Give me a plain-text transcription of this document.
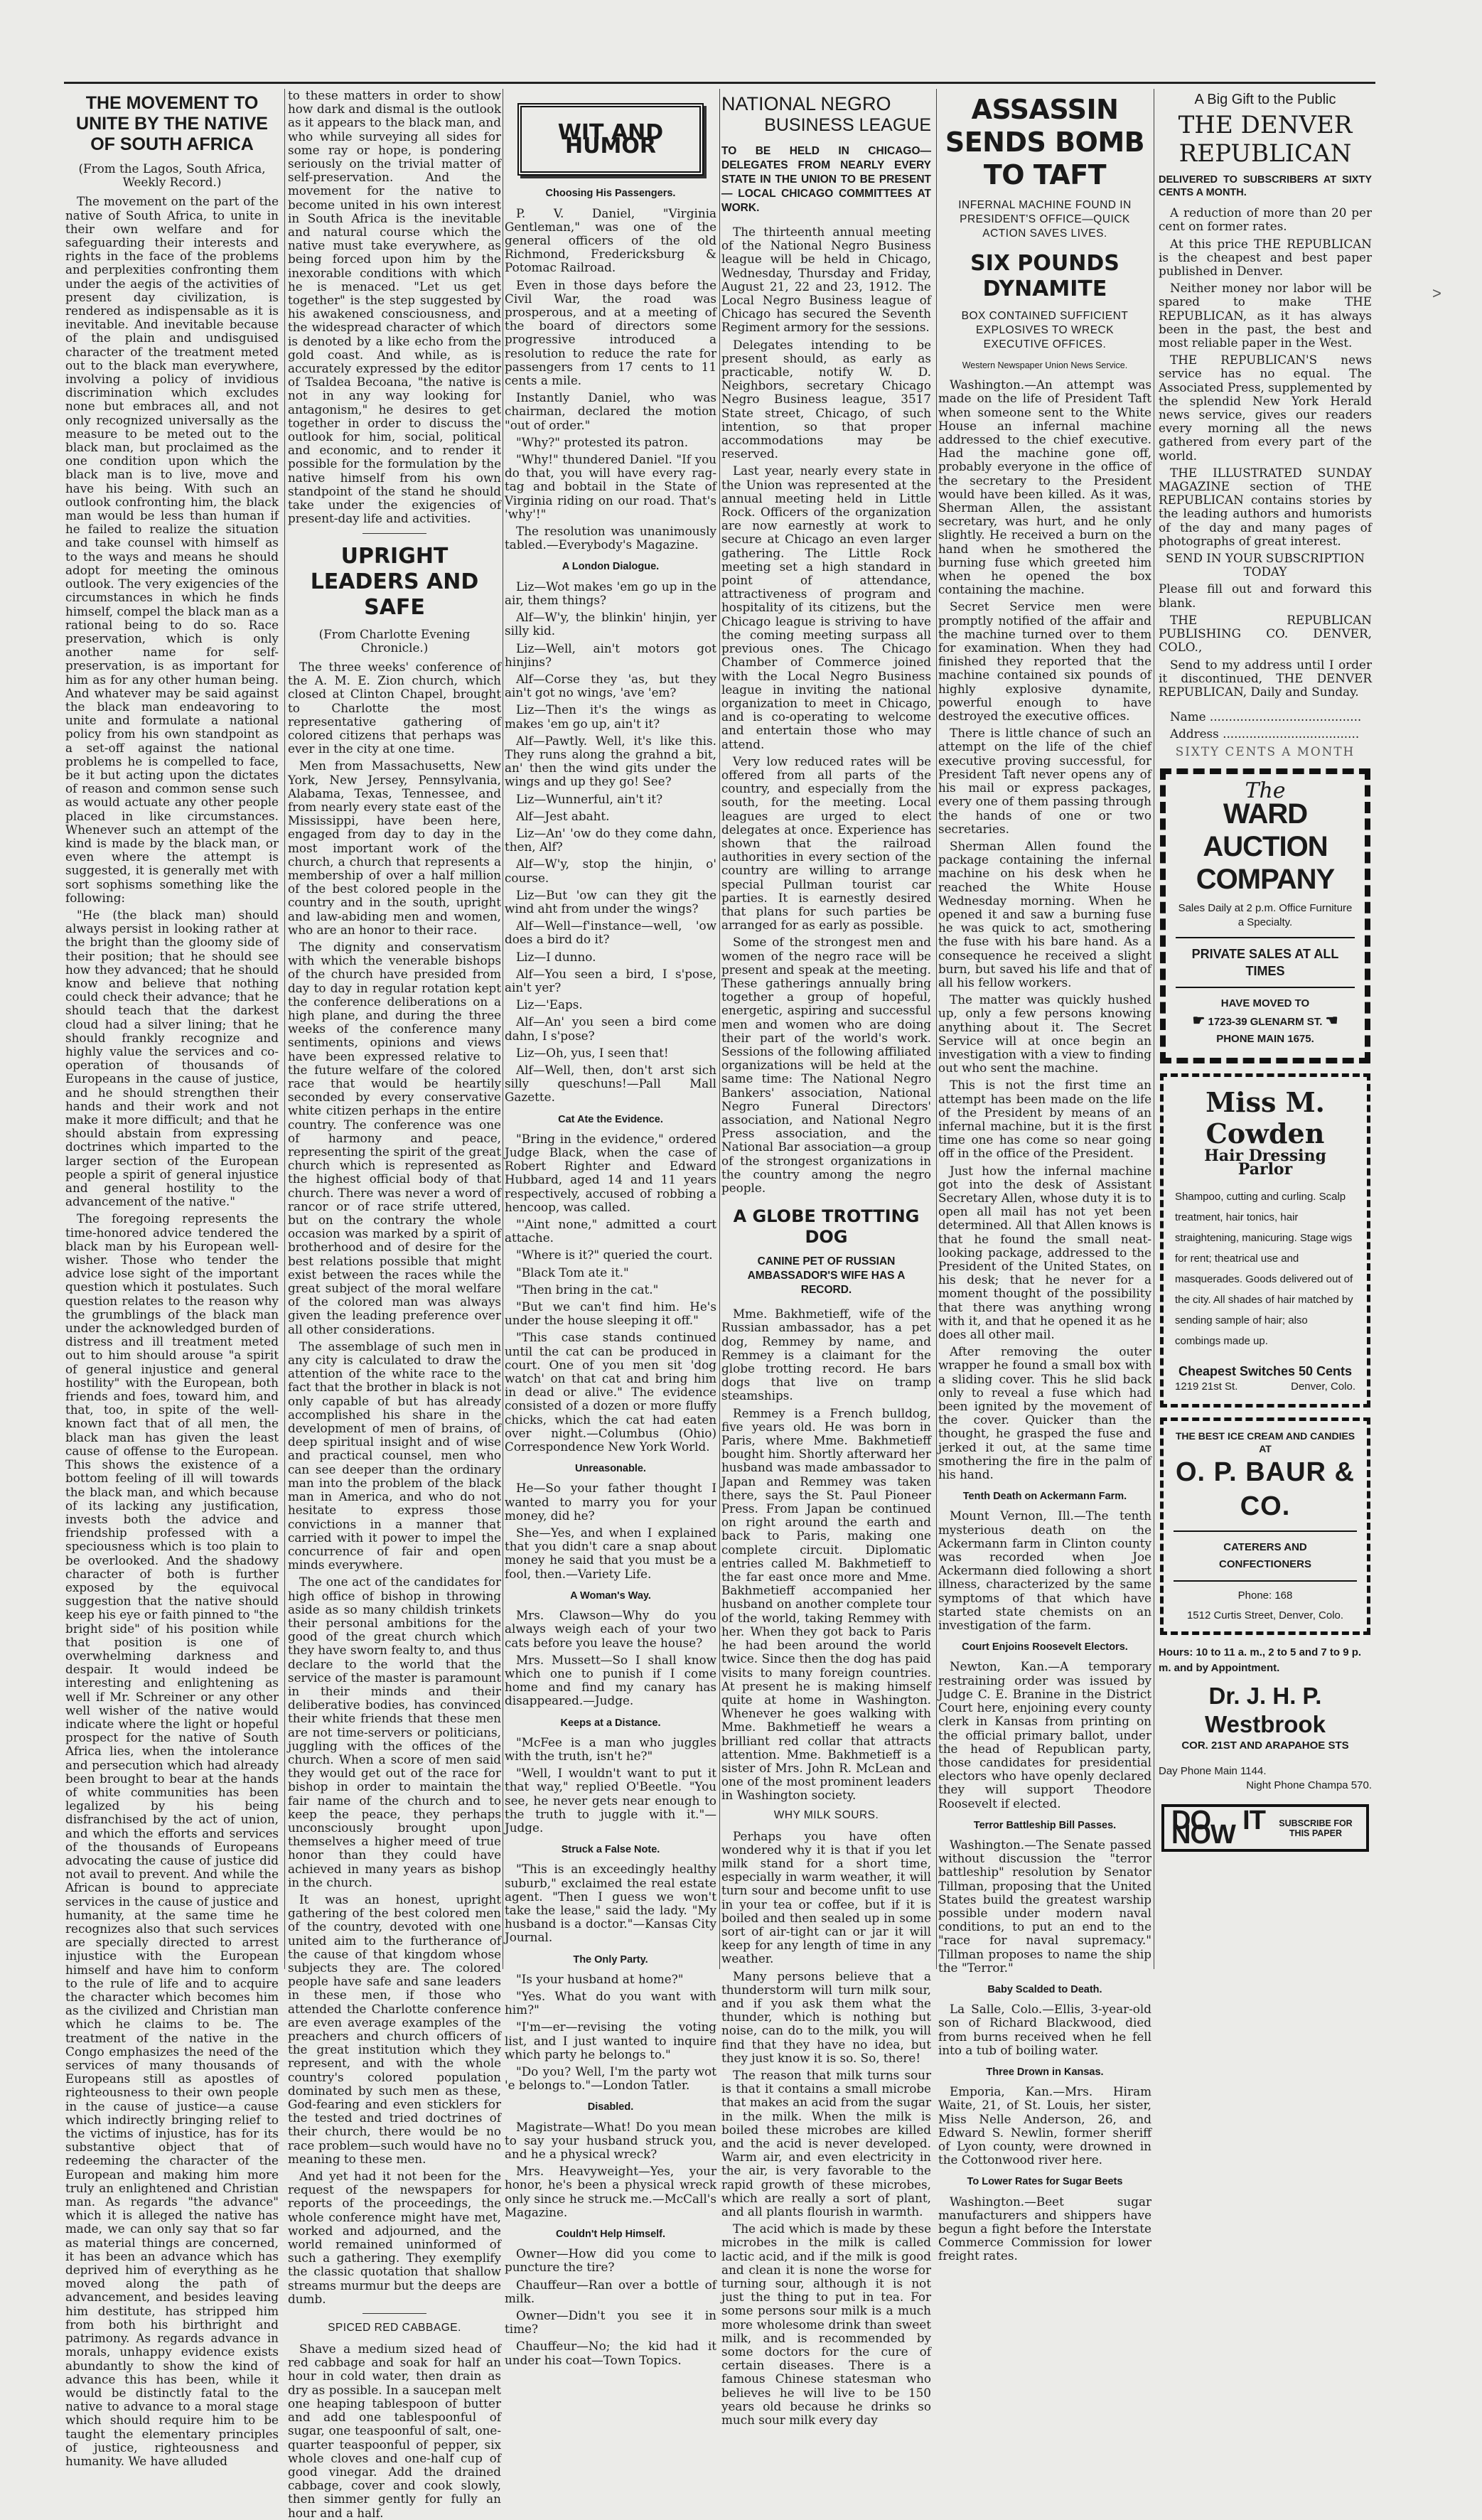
THE MOVEMENT TO UNITE BY THE NATIVE OF SOUTH AFRICA

(From the Lagos, South Africa, Weekly Record.)

The movement on the part of the native of South Africa, to unite in their own welfare and for safeguarding their interests and rights in the face of the problems and perplexities confronting them under the aegis of the activities of present day civilization, is rendered as indispensable as it is inevitable. And inevitable because of the plain and undisguised character of the treatment meted out to the black man everywhere, involving a policy of invidious discrimination which excludes none but embraces all, and not only recognized universally as the measure to be meted out to the black man, but proclaimed as the one condition upon which the black man is to live, move and have his being. With such an outlook confronting him, the black man would be less than human if he failed to realize the situation and take counsel with himself as to the ways and means he should adopt for meeting the ominous outlook. The very exigencies of the circumstances in which he finds himself, compel the black man as a rational being to do so. Race preservation, which is only another name for self-preservation, is as important for him as for any other human being. And whatever may be said against the black man endeavoring to unite and formulate a national policy from his own standpoint as a set-off against the national problems he is compelled to face, be it but acting upon the dictates of reason and common sense such as would actuate any other people placed in like circumstances. Whenever such an attempt of the kind is made by the black man, or even where the attempt is suggested, it is generally met with sort sophisms something like the following:

"He (the black man) should always persist in looking rather at the bright than the gloomy side of their position; that he should see how they advanced; that he should know and believe that nothing could check their advance; that he should teach that the darkest cloud had a silver lining; that he should frankly recognize and highly value the services and co-operation of thousands of Europeans in the cause of justice, and he should strengthen their hands and their work and not make it more difficult; and that he should abstain from expressing doctrines which imparted to the larger section of the European people a spirit of general injustice and general hostility to the advancement of the native."

The foregoing represents the time-honored advice tendered the black man by his European well-wisher. Those who tender the advice lose sight of the important question which it postulates. Such question relates to the reason why the grumblings of the black man under the acknowledged burden of distress and ill treatment meted out to him should arouse "a spirit of general injustice and general hostility" with the European, both friends and foes, toward him, and that, too, in spite of the well-known fact that of all men, the black man has given the least cause of offense to the European. This shows the existence of a bottom feeling of ill will towards the black man, and which because of its lacking any justification, invests both the advice and friendship professed with a speciousness which is too plain to be overlooked. And the shadowy character of both is further exposed by the equivocal suggestion that the native should keep his eye or faith pinned to "the bright side" of his position while that position is one of overwhelming darkness and despair. It would indeed be interesting and enlightening as well if Mr. Schreiner or any other well wisher of the native would indicate where the light or hopeful prospect for the native of South Africa lies, when the intolerance and persecution which had already been brought to bear at the hands of white communities has been legalized by his being disfranchised by the act of union, and which the efforts and services of the thousands of Europeans advocating the cause of justice did not avail to prevent. And while the African is bound to appreciate services in the cause of justice and humanity, at the same time he recognizes also that such services are specially directed to arrest injustice with the European himself and have him to conform to the rule of life and to acquire the character which becomes him as the civilized and Christian man which he claims to be. The treatment of the native in the Congo emphasizes the need of the services of many thousands of Europeans still as apostles of righteousness to their own people in the cause of justice—a cause which indirectly bringing relief to the victims of injustice, has for its substantive object that of redeeming the character of the European and making him more truly an enlightened and Christian man. As regards "the advance" which it is alleged the native has made, we can only say that so far as material things are concerned, it has been an advance which has deprived him of everything as he moved along the path of advancement, and besides leaving him destitute, has stripped him from both his birthright and patrimony. As regards advance in morals, unhappy evidence exists abundantly to show the kind of advance this has been, while it would be distinctly fatal to the native to advance to a moral stage which should require him to be taught the elementary principles of justice, righteousness and humanity. We have alluded

to these matters in order to show how dark and dismal is the outlook as it appears to the black man, and who while surveying all sides for some ray or hope, is pondering seriously on the trivial matter of self-preservation. And the movement for the native to become united in his own interest in South Africa is the inevitable and natural course which the native must take everywhere, as being forced upon him by the inexorable conditions with which he is menaced. "Let us get together" is the step suggested by his awakened consciousness, and the widespread character of which is denoted by a like echo from the gold coast. And while, as is accurately expressed by the editor of Tsaldea Becoana, "the native is not in any way looking for antagonism," he desires to get together in order to discuss the outlook for him, social, political and economic, and to render it possible for the formulation by the native himself from his own standpoint of the stand he should take under the exigencies of present-day life and activities.

UPRIGHT LEADERS AND SAFE

(From Charlotte Evening Chronicle.)

The three weeks' conference of the A. M. E. Zion church, which closed at Clinton Chapel, brought to Charlotte the most representative gathering of colored citizens that perhaps was ever in the city at one time.

Men from Massachusetts, New York, New Jersey, Pennsylvania, Alabama, Texas, Tennessee, and from nearly every state east of the Mississippi, have been here, engaged from day to day in the most important work of the church, a church that represents a membership of over a half million of the best colored people in the country and in the south, upright and law-abiding men and women, who are an honor to their race.

The dignity and conservatism with which the venerable bishops of the church have presided from day to day in regular rotation kept the conference deliberations on a high plane, and during the three weeks of the conference many sentiments, opinions and views have been expressed relative to the future welfare of the colored race that would be heartily seconded by every conservative white citizen perhaps in the entire country. The conference was one of harmony and peace, representing the spirit of the great church which is represented as the highest official body of that church. There was never a word of rancor or of race strife uttered, but on the contrary the whole occasion was marked by a spirit of brotherhood and of desire for the best relations possible that might exist between the races while the great subject of the moral welfare of the colored man was always given the leading preference over all other considerations.

The assemblage of such men in any city is calculated to draw the attention of the white race to the fact that the brother in black is not only capable of but has already accomplished his share in the development of men of brains, of deep spiritual insight and of wise and practical counsel, men who can see deeper than the ordinary man into the problem of the black man in America, and who do not hesitate to express those convictions in a manner that carried with it power to impel the concurrence of fair and open minds everywhere.

The one act of the candidates for high office of bishop in throwing aside as so many childish trinkets their personal ambitions for the good of the great church which they have sworn fealty to, and thus declare to the world that the service of the master is paramount in their minds and their deliberative bodies, has convinced their white friends that these men are not time-servers or politicians, juggling with the offices of the church. When a score of men said they would get out of the race for bishop in order to maintain the fair name of the church and to keep the peace, they perhaps unconsciously brought upon themselves a higher meed of true honor than they could have achieved in many years as bishop in the church.

It was an honest, upright gathering of the best colored men of the country, devoted with one united aim to the furtherance of the cause of that kingdom whose subjects they are. The colored people have safe and sane leaders in these men, if those who attended the Charlotte conference are even average examples of the preachers and church officers of the great institution which they represent, and with the whole country's colored population dominated by such men as these, God-fearing and even sticklers for the tested and tried doctrines of their church, there would be no race problem—such would have no meaning to these men.

And yet had it not been for the request of the newspapers for reports of the proceedings, the whole conference might have met, worked and adjourned, and the world remained uninformed of such a gathering. They exemplify the classic quotation that shallow streams murmur but the deeps are dumb.

SPICED RED CABBAGE.

Shave a medium sized head of red cabbage and soak for half an hour in cold water, then drain as dry as possible. In a saucepan melt one heaping tablespoon of butter and add one tablespoonful of sugar, one teaspoonful of salt, one-quarter teaspoonful of pepper, six whole cloves and one-half cup of good vinegar. Add the drained cabbage, cover and cook slowly, then simmer gently for fully an hour and a half.

WIT AND HUMOR
Choosing His Passengers.

P. V. Daniel, "Virginia Gentleman," was one of the general officers of the old Richmond, Fredericksburg & Potomac Railroad.

Even in those days before the Civil War, the road was prosperous, and at a meeting of the board of directors some progressive introduced a resolution to reduce the rate for passengers from 17 cents to 11 cents a mile.

Instantly Daniel, who was chairman, declared the motion "out of order."

"Why?" protested its patron.

"Why!" thundered Daniel. "If you do that, you will have every rag-tag and bobtail in the State of Virginia riding on our road. That's 'why'!"

The resolution was unanimously tabled.—Everybody's Magazine.

A London Dialogue.

Liz—Wot makes 'em go up in the air, them things?

Alf—W'y, the blinkin' hinjin, yer silly kid.

Liz—Well, ain't motors got hinjins?

Alf—Corse they 'as, but they ain't got no wings, 'ave 'em?

Liz—Then it's the wings as makes 'em go up, ain't it?

Alf—Pawtly. Well, it's like this. They runs along the grahnd a bit, an' then the wind gits under the wings and up they go! See?

Liz—Wunnerful, ain't it?

Alf—Jest abaht.

Liz—An' 'ow do they come dahn, then, Alf?

Alf—W'y, stop the hinjin, o' course.

Liz—But 'ow can they git the wind aht from under the wings?

Alf—Well—f'instance—well, 'ow does a bird do it?

Liz—I dunno.

Alf—You seen a bird, I s'pose, ain't yer?

Liz—'Eaps.

Alf—An' you seen a bird come dahn, I s'pose?

Liz—Oh, yus, I seen that!

Alf—Well, then, don't arst sich silly queschuns!—Pall Mall Gazette.

Cat Ate the Evidence.

"Bring in the evidence," ordered Judge Black, when the case of Robert Righter and Edward Hubbard, aged 14 and 11 years respectively, accused of robbing a hencoop, was called.

"'Aint none," admitted a court attache.

"Where is it?" queried the court.

"Black Tom ate it."

"Then bring in the cat."

"But we can't find him. He's under the house sleeping it off."

"This case stands continued until the cat can be produced in court. One of you men sit 'dog watch' on that cat and bring him in dead or alive." The evidence consisted of a dozen or more fluffy chicks, which the cat had eaten over night.—Columbus (Ohio) Correspondence New York World.

Unreasonable.

He—So your father thought I wanted to marry you for your money, did he?

She—Yes, and when I explained that you didn't care a snap about money he said that you must be a fool, then.—Variety Life.

A Woman's Way.

Mrs. Clawson—Why do you always weigh each of your two cats before you leave the house?

Mrs. Mussett—So I shall know which one to punish if I come home and find my canary has disappeared.—Judge.

Keeps at a Distance.

"McFee is a man who juggles with the truth, isn't he?"

"Well, I wouldn't want to put it that way," replied O'Beetle. "You see, he never gets near enough to the truth to juggle with it."—Judge.

Struck a False Note.

"This is an exceedingly healthy suburb," exclaimed the real estate agent. "Then I guess we won't take the lease," said the lady. "My husband is a doctor."—Kansas City Journal.

The Only Party.

"Is your husband at home?"

"Yes. What do you want with him?"

"I'm—er—revising the voting list, and I just wanted to inquire which party he belongs to."

"Do you? Well, I'm the party wot 'e belongs to."—London Tatler.

Disabled.

Magistrate—What! Do you mean to say your husband struck you, and he a physical wreck?

Mrs. Heavyweight—Yes, your honor, he's been a physical wreck only since he struck me.—McCall's Magazine.

Couldn't Help Himself.

Owner—How did you come to puncture the tire?

Chauffeur—Ran over a bottle of milk.

Owner—Didn't you see it in time?

Chauffeur—No; the kid had it under his coat—Town Topics.

NATIONAL NEGRO
BUSINESS LEAGUE
TO BE HELD IN CHICAGO—DELEGATES FROM NEARLY EVERY STATE IN THE UNION TO BE PRESENT — LOCAL CHICAGO COMMITTEES AT WORK.

The thirteenth annual meeting of the National Negro Business league will be held in Chicago, Wednesday, Thursday and Friday, August 21, 22 and 23, 1912. The Local Negro Business league of Chicago has secured the Seventh Regiment armory for the sessions.

Delegates intending to be present should, as early as practicable, notify W. D. Neighbors, secretary Chicago Negro Business league, 3517 State street, Chicago, of such intention, so that proper accommodations may be reserved.

Last year, nearly every state in the Union was represented at the annual meeting held in Little Rock. Officers of the organization are now earnestly at work to secure at Chicago an even larger gathering. The Little Rock meeting set a high standard in point of attendance, attractiveness of program and hospitality of its citizens, but the Chicago league is striving to have the coming meeting surpass all previous ones. The Chicago Chamber of Commerce joined with the Local Negro Business league in inviting the national organization to meet in Chicago, and is co-operating to welcome and entertain those who may attend.

Very low reduced rates will be offered from all parts of the country, and especially from the south, for the meeting. Local leagues are urged to elect delegates at once. Experience has shown that the railroad authorities in every section of the country are willing to arrange special Pullman tourist car parties. It is earnestly desired that plans for such parties be arranged for as early as possible.

Some of the strongest men and women of the negro race will be present and speak at the meeting. These gatherings annually bring together a group of hopeful, energetic, aspiring and successful men and women who are doing their part of the world's work. Sessions of the following affiliated organizations will be held at the same time: The National Negro Bankers' association, National Negro Funeral Directors' association, and National Negro Press association, and the National Bar association—a group of the strongest organizations in the country among the negro people.

A GLOBE TROTTING DOG
CANINE PET OF RUSSIAN AMBASSADOR'S WIFE HAS A RECORD.

Mme. Bakhmetieff, wife of the Russian ambassador, has a pet dog, Remmey by name, and Remmey is a claimant for the globe trotting record. He bars dogs that live on tramp steamships.

Remmey is a French bulldog, five years old. He was born in Paris, where Mme. Bakhmetieff bought him. Shortly afterward her husband was made ambassador to Japan and Remmey was taken there, says the St. Paul Pioneer Press. From Japan be continued on right around the earth and back to Paris, making one complete circuit. Diplomatic entries called M. Bakhmetieff to the far east once more and Mme. Bakhmetieff accompanied her husband on another complete tour of the world, taking Remmey with her. When they got back to Paris he had been around the world twice. Since then the dog has paid visits to many foreign countries. At present he is making himself quite at home in Washington. Whenever he goes walking with Mme. Bakhmetieff he wears a brilliant red collar that attracts attention. Mme. Bakhmetieff is a sister of Mrs. John R. McLean and one of the most prominent leaders in Washington society.

WHY MILK SOURS.

Perhaps you have often wondered why it is that if you let milk stand for a short time, especially in warm weather, it will turn sour and become unfit to use in your tea or coffee, but if it is boiled and then sealed up in some sort of air-tight can or jar it will keep for any length of time in any weather.

Many persons believe that a thunderstorm will turn milk sour, and if you ask them what the thunder, which is nothing but noise, can do to the milk, you will find that they have no idea, but they just know it is so. So, there!

The reason that milk turns sour is that it contains a small microbe that makes an acid from the sugar in the milk. When the milk is boiled these microbes are killed and the acid is never developed. Warm air, and even electricity in the air, is very favorable to the rapid growth of these microbes, which are really a sort of plant, and all plants flourish in warmth.

The acid which is made by these microbes in the milk is called lactic acid, and if the milk is good and clean it is none the worse for turning sour, although it is not just the thing to put in tea. For some persons sour milk is a much more wholesome drink than sweet milk, and is recommended by some doctors for the cure of certain diseases. There is a famous Chinese statesman who believes he will live to be 150 years old because he drinks so much sour milk every day

ASSASSIN SENDS BOMB TO TAFT
INFERNAL MACHINE FOUND IN PRESIDENT'S OFFICE—QUICK ACTION SAVES LIVES.
SIX POUNDS DYNAMITE
BOX CONTAINED SUFFICIENT EXPLOSIVES TO WRECK EXECUTIVE OFFICES.

Western Newspaper Union News Service.

Washington.—An attempt was made on the life of President Taft when someone sent to the White House an infernal machine addressed to the chief executive. Had the machine gone off, probably everyone in the office of the secretary to the President would have been killed. As it was, Sherman Allen, the assistant secretary, was hurt, and he only slightly. He received a burn on the hand when he smothered the burning fuse which greeted him when he opened the box containing the machine.

Secret Service men were promptly notified of the affair and the machine turned over to them for examination. When they had finished they reported that the machine contained six pounds of highly explosive dynamite, powerful enough to have destroyed the executive offices.

There is little chance of such an attempt on the life of the chief executive proving successful, for President Taft never opens any of his mail or express packages, every one of them passing through the hands of one or two secretaries.

Sherman Allen found the package containing the infernal machine on his desk when he reached the White House Wednesday morning. When he opened it and saw a burning fuse he was quick to act, smothering the fuse with his bare hand. As a consequence he received a slight burn, but saved his life and that of all his fellow workers.

The matter was quickly hushed up, only a few persons knowing anything about it. The Secret Service will at once begin an investigation with a view to finding out who sent the machine.

This is not the first time an attempt has been made on the life of the President by means of an infernal machine, but it is the first time one has come so near going off in the office of the President.

Just how the infernal machine got into the desk of Assistant Secretary Allen, whose duty it is to open all mail has not yet been determined. All that Allen knows is that he found the small neat-looking package, addressed to the President of the United States, on his desk; that he never for a moment thought of the possibility that there was anything wrong with it, and that he opened it as he does all other mail.

After removing the outer wrapper he found a small box with a sliding cover. This he slid back only to reveal a fuse which had been ignited by the movement of the cover. Quicker than the thought, he grasped the fuse and jerked it out, at the same time smothering the fire in the palm of his hand.

Tenth Death on Ackermann Farm.

Mount Vernon, Ill.—The tenth mysterious death on the Ackermann farm in Clinton county was recorded when Joe Ackermann died following a short illness, characterized by the same symptoms of that which have started state chemists on an investigation of the farm.

Court Enjoins Roosevelt Electors.

Newton, Kan.—A temporary restraining order was issued by Judge C. E. Branine in the District Court here, enjoining every county clerk in Kansas from printing on the official primary ballot, under the head of Republican party, those candidates for presidential electors who have openly declared they will support Theodore Roosevelt if elected.

Terror Battleship Bill Passes.

Washington.—The Senate passed without discussion the "terror battleship" resolution by Senator Tillman, proposing that the United States build the greatest warship possible under modern naval conditions, to put an end to the "race for naval supremacy." Tillman proposes to name the ship the "Terror."

Baby Scalded to Death.

La Salle, Colo.—Ellis, 3-year-old son of Richard Blackwood, died from burns received when he fell into a tub of boiling water.

Three Drown in Kansas.

Emporia, Kan.—Mrs. Hiram Waite, 21, of St. Louis, her sister, Miss Nelle Anderson, 26, and Edward S. Newlin, former sheriff of Lyon county, were drowned in the Cottonwood river here.

To Lower Rates for Sugar Beets

Washington.—Beet sugar manufacturers and shippers have begun a fight before the Interstate Commerce Commission for lower freight rates.

A Big Gift to the Public
THE DENVER
REPUBLICAN
DELIVERED TO SUBSCRIBERS AT SIXTY CENTS A MONTH.

A reduction of more than 20 per cent on former rates.

At this price THE REPUBLICAN is the cheapest and best paper published in Denver.

Neither money nor labor will be spared to make THE REPUBLICAN, as it has always been in the past, the best and most reliable paper in the West.

THE REPUBLICAN'S news service has no equal. The Associated Press, supplemented by the splendid New York Herald news service, gives our readers every morning all the news gathered from every part of the world.

THE ILLUSTRATED SUNDAY MAGAZINE section of THE REPUBLICAN contains stories by the leading authors and humorists of the day and many pages of photographs of great interest.

SEND IN YOUR SUBSCRIPTION TODAY

Please fill out and forward this blank.

THE REPUBLICAN PUBLISHING CO. DENVER, COLO.,

Send to my address until I order it discontinued, THE DENVER REPUBLICAN, Daily and Sunday.

Name ........................................

Address ....................................

SIXTY CENTS A MONTH

The
WARD AUCTION
COMPANY
Sales Daily at 2 p.m. Office Furniture a Specialty.
PRIVATE SALES AT ALL TIMES
HAVE MOVED TO
☛ 1723-39 GLENARM ST. ☚
PHONE MAIN 1675.
Miss M. Cowden
Hair Dressing Parlor
Shampoo, cutting and curling. Scalp treatment, hair tonics, hair straightening, manicuring. Stage wigs for rent; theatrical use and masquerades. Goods delivered out of the city. All shades of hair matched by sending sample of hair; also combings made up.
Cheapest Switches 50 Cents
1219 21st St.	Denver, Colo.
THE BEST ICE CREAM AND CANDIES AT
O. P. BAUR & CO.
CATERERS AND
CONFECTIONERS
Phone: 168
1512 Curtis Street, Denver, Colo.
Hours: 10 to 11 a. m., 2 to 5 and 7 to 9 p. m. and by Appointment.
Dr. J. H. P. Westbrook
COR. 21ST AND ARAPAHOE STS
Day Phone Main 1144.
Night Phone Champa 570.
DO IT NOW	SUBSCRIBE FOR THIS PAPER
>
